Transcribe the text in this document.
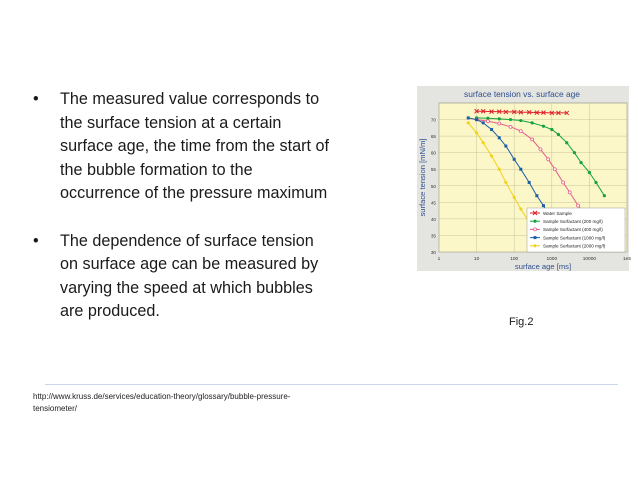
• The measured value corresponds to the surface tension at a certain surface age, the time from the start of the bubble formation to the occurrence of the pressure maximum
• The dependence of surface tension on surface age can be measured by varying the speed at which bubbles are produced.
surface tension vs. surface age
30
35
40
45
50
55
60
65
70
1	10	100	1000	10000	1e5
surface age [ms]
surface tension [mN/m]	Water Sample
Sample Surfactant (200 mg/l)
Sample Surfactant (400 mg/l)
Sample Surfactant (1000 mg/l)
Sample Surfactant (2000 mg/l)
Fig.2
http://www.kruss.de/services/education-theory/glossary/bubble-pressure-tensiometer/
